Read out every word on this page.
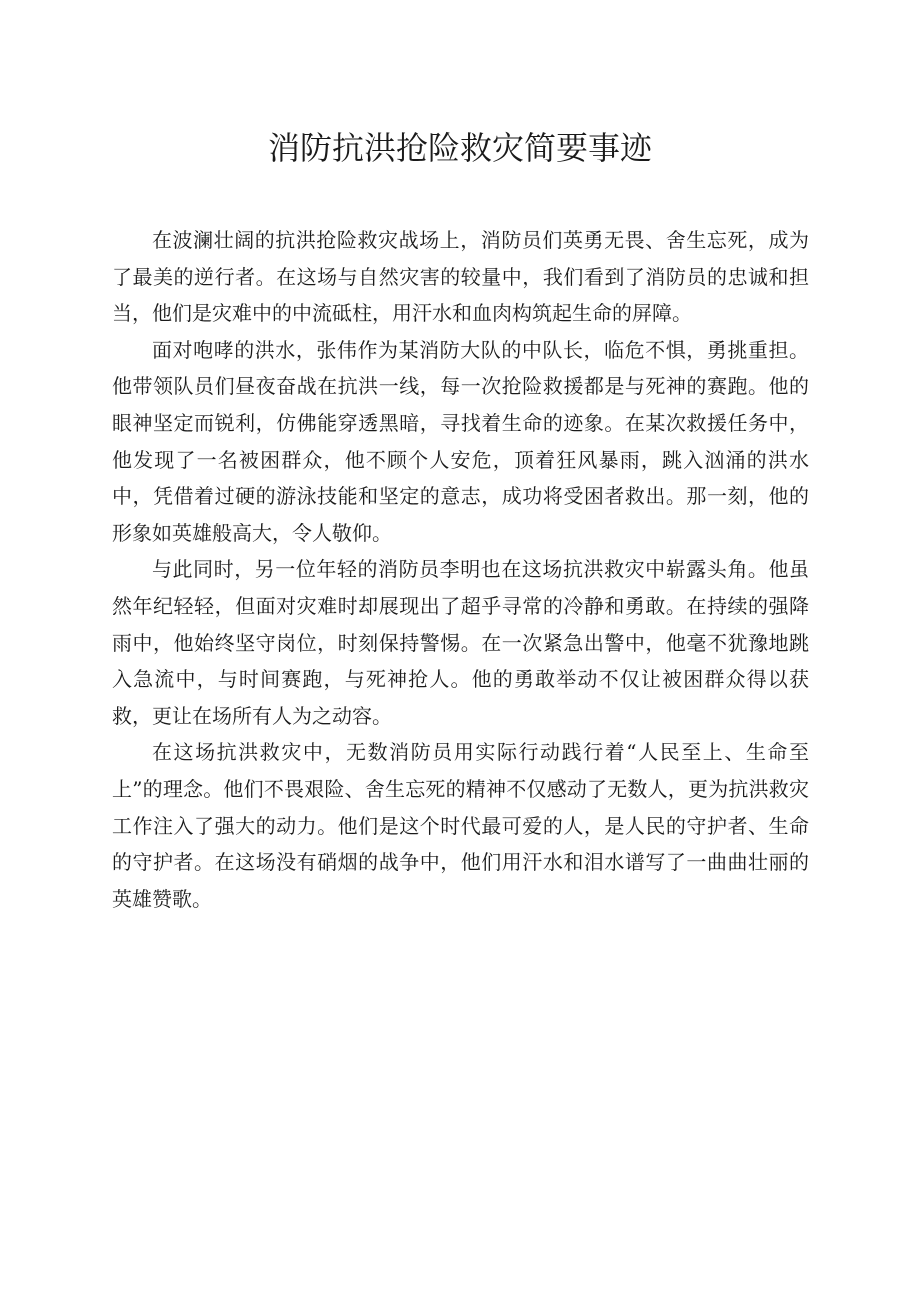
消防抗洪抢险救灾简要事迹

在波澜壮阔的抗洪抢险救灾战场上，消防员们英勇无畏、舍生忘死，成为了最美的逆行者。在这场与自然灾害的较量中，我们看到了消防员的忠诚和担当，他们是灾难中的中流砥柱，用汗水和血肉构筑起生命的屏障。

面对咆哮的洪水，张伟作为某消防大队的中队长，临危不惧，勇挑重担。他带领队员们昼夜奋战在抗洪一线，每一次抢险救援都是与死神的赛跑。他的眼神坚定而锐利，仿佛能穿透黑暗，寻找着生命的迹象。在某次救援任务中，他发现了一名被困群众，他不顾个人安危，顶着狂风暴雨，跳入汹涌的洪水中，凭借着过硬的游泳技能和坚定的意志，成功将受困者救出。那一刻，他的形象如英雄般高大，令人敬仰。

与此同时，另一位年轻的消防员李明也在这场抗洪救灾中崭露头角。他虽然年纪轻轻，但面对灾难时却展现出了超乎寻常的冷静和勇敢。在持续的强降雨中，他始终坚守岗位，时刻保持警惕。在一次紧急出警中，他毫不犹豫地跳入急流中，与时间赛跑，与死神抢人。他的勇敢举动不仅让被困群众得以获救，更让在场所有人为之动容。

在这场抗洪救灾中，无数消防员用实际行动践行着“人民至上、生命至上”的理念。他们不畏艰险、舍生忘死的精神不仅感动了无数人，更为抗洪救灾工作注入了强大的动力。他们是这个时代最可爱的人，是人民的守护者、生命的守护者。在这场没有硝烟的战争中，他们用汗水和泪水谱写了一曲曲壮丽的英雄赞歌。
